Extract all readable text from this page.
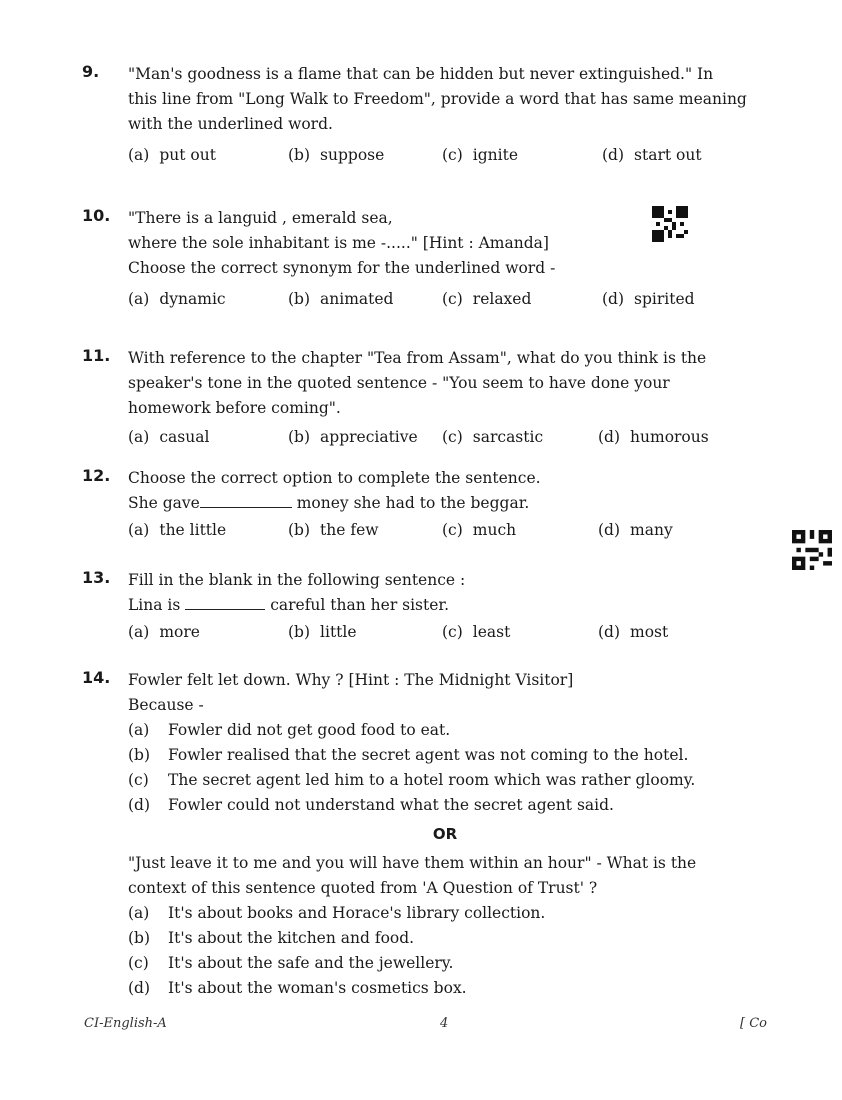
9. "Man's goodness is a flame that can be hidden but never extinguished." In
this line from "Long Walk to Freedom", provide a word that has same meaning
with the underlined word.
(a) put out	(b) suppose	(c) ignite	(d) start out
10. "There is a languid , emerald sea,
where the sole inhabitant is me -....." [Hint : Amanda]
Choose the correct synonym for the underlined word -
(a) dynamic	(b) animated	(c) relaxed	(d) spirited
11. With reference to the chapter "Tea from Assam", what do you think is the
speaker's tone in the quoted sentence - "You seem to have done your
homework before coming".
(a) casual	(b) appreciative (c) sarcastic	(d) humorous
12. Choose the correct option to complete the sentence.
She gave	money she had to the beggar.
(a) the little	(b) the few	(c) much	(d) many
13. Fill in the blank in the following sentence :
Lina is	careful than her sister.
(a) more	(b) little	(c) least	(d) most
14. Fowler felt let down. Why ? [Hint : The Midnight Visitor]
Because -
(a) Fowler did not get good food to eat.
(b) Fowler realised that the secret agent was not coming to the hotel.
(c) The secret agent led him to a hotel room which was rather gloomy.
(d) Fowler could not understand what the secret agent said.
OR
"Just leave it to me and you will have them within an hour" - What is the
context of this sentence quoted from 'A Question of Trust' ?
(a) It's about books and Horace's library collection.
(b) It's about the kitchen and food.
(c) It's about the safe and the jewellery.
(d) It's about the woman's cosmetics box.
CI-English-A	4	[ Co
